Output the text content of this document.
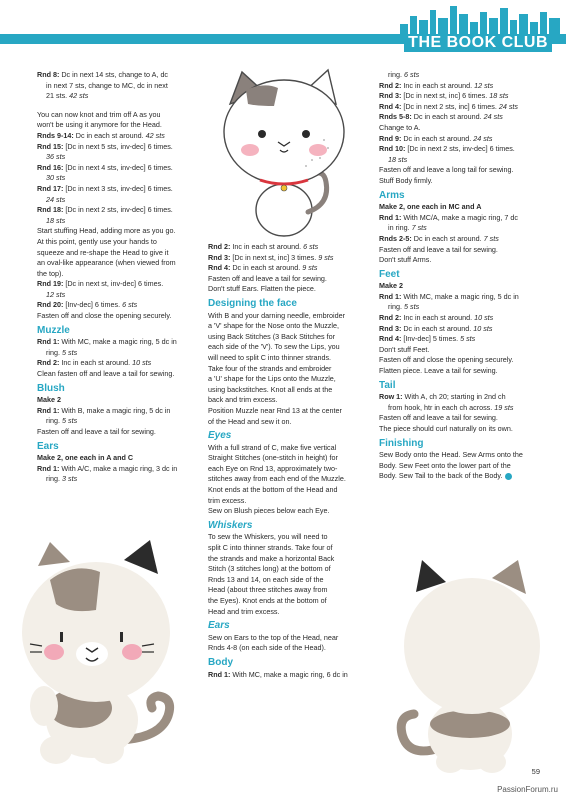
THE BOOK CLUB

Rnd 8: Dc in next 14 sts, change to A, dc

in next 7 sts, change to MC, dc in next

21 sts. 42 sts

You can now knot and trim off A as you

won't be using it anymore for the Head.

Rnds 9-14: Dc in each st around. 42 sts

Rnd 15: [Dc in next 5 sts, inv-dec] 6 times.

36 sts

Rnd 16: [Dc in next 4 sts, inv-dec] 6 times.

30 sts

Rnd 17: [Dc in next 3 sts, inv-dec] 6 times.

24 sts

Rnd 18: [Dc in next 2 sts, inv-dec] 6 times.

18 sts

Start stuffing Head, adding more as you go.

At this point, gently use your hands to

squeeze and re-shape the Head to give it

an oval-like appearance (when viewed from

the top).

Rnd 19: [Dc in next st, inv-dec] 6 times.

12 sts

Rnd 20: [Inv-dec] 6 times. 6 sts

Fasten off and close the opening securely.

Muzzle

Rnd 1: With MC, make a magic ring, 5 dc in

ring. 5 sts

Rnd 2: Inc in each st around. 10 sts

Clean fasten off and leave a tail for sewing.

Blush

Make 2

Rnd 1: With B, make a magic ring, 5 dc in

ring. 5 sts

Fasten off and leave a tail for sewing.

Ears

Make 2, one each in A and C

Rnd 1: With A/C, make a magic ring, 3 dc in

ring. 3 sts

Rnd 2: Inc in each st around. 6 sts

Rnd 3: [Dc in next st, inc] 3 times. 9 sts

Rnd 4: Dc in each st around. 9 sts

Fasten off and leave a tail for sewing.

Don't stuff Ears. Flatten the piece.

Designing the face

With B and your darning needle, embroider

a 'V' shape for the Nose onto the Muzzle,

using Back Stitches (3 Back Stitches for

each side of the 'V'). To sew the Lips, you

will need to split C into thinner strands.

Take four of the strands and embroider

a 'U' shape for the Lips onto the Muzzle,

using backstitches. Knot all ends at the

back and trim excess.

Position Muzzle near Rnd 13 at the center

of the Head and sew it on.

Eyes

With a full strand of C, make five vertical

Straight Stitches (one-stitch in height) for

each Eye on Rnd 13, approximately two-

stitches away from each end of the Muzzle.

Knot ends at the bottom of the Head and

trim excess.

Sew on Blush pieces below each Eye.

Whiskers

To sew the Whiskers, you will need to

split C into thinner strands. Take four of

the strands and make a horizontal Back

Stitch (3 stitches long) at the bottom of

Rnds 13 and 14, on each side of the

Head (about three stitches away from

the Eyes). Knot ends at the bottom of

Head and trim excess.

Ears

Sew on Ears to the top of the Head, near

Rnds 4-8 (on each side of the Head).

Body

Rnd 1: With MC, make a magic ring, 6 dc in

ring. 6 sts

Rnd 2: Inc in each st around. 12 sts

Rnd 3: [Dc in next st, inc] 6 times. 18 sts

Rnd 4: [Dc in next 2 sts, inc] 6 times. 24 sts

Rnds 5-8: Dc in each st around. 24 sts

Change to A.

Rnd 9: Dc in each st around. 24 sts

Rnd 10: [Dc in next 2 sts, inv-dec] 6 times.

18 sts

Fasten off and leave a long tail for sewing.

Stuff Body firmly.

Arms

Make 2, one each in MC and A

Rnd 1: With MC/A, make a magic ring, 7 dc

in ring. 7 sts

Rnds 2-5: Dc in each st around. 7 sts

Fasten off and leave a tail for sewing.

Don't stuff Arms.

Feet

Make 2

Rnd 1: With MC, make a magic ring, 5 dc in

ring. 5 sts

Rnd 2: Inc in each st around. 10 sts

Rnd 3: Dc in each st around. 10 sts

Rnd 4: [Inv-dec] 5 times. 5 sts

Don't stuff Feet.

Fasten off and close the opening securely.

Flatten piece. Leave a tail for sewing.

Tail

Row 1: With A, ch 20; starting in 2nd ch

from hook, htr in each ch across. 19 sts

Fasten off and leave a tail for sewing.

The piece should curl naturally on its own.

Finishing

Sew Body onto the Head. Sew Arms onto the

Body. Sew Feet onto the lower part of the

Body. Sew Tail to the back of the Body.

59
PassionForum.ru
